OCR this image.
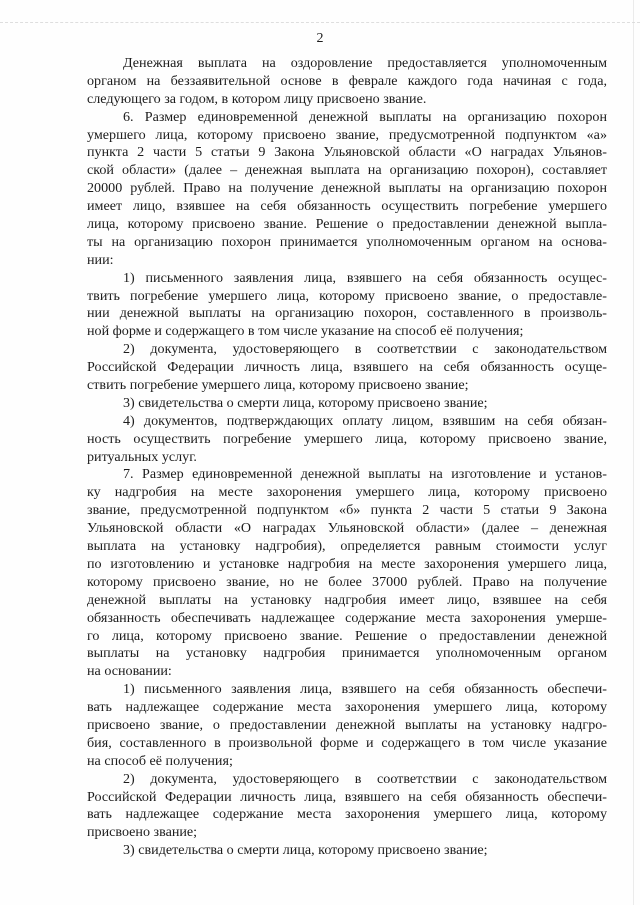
2
Денежная выплата на оздоровление предоставляется уполномоченным
органом на беззаявительной основе в феврале каждого года начиная с года,
следующего за годом, в котором лицу присвоено звание.
6. Размер единовременной денежной выплаты на организацию похорон
умершего лица, которому присвоено звание, предусмотренной подпунктом «а»
пункта 2 части 5 статьи 9 Закона Ульяновской области «О наградах Ульянов-
ской области» (далее – денежная выплата на организацию похорон), составляет
20000 рублей. Право на получение денежной выплаты на организацию похорон
имеет лицо, взявшее на себя обязанность осуществить погребение умершего
лица, которому присвоено звание. Решение о предоставлении денежной выпла-
ты на организацию похорон принимается уполномоченным органом на основа-
нии:
1) письменного заявления лица, взявшего на себя обязанность осущес-
твить погребение умершего лица, которому присвоено звание, о предоставле-
нии денежной выплаты на организацию похорон, составленного в произволь-
ной форме и содержащего в том числе указание на способ её получения;
2) документа, удостоверяющего в соответствии с законодательством
Российской Федерации личность лица, взявшего на себя обязанность осуще-
ствить погребение умершего лица, которому присвоено звание;
3) свидетельства о смерти лица, которому присвоено звание;
4) документов, подтверждающих оплату лицом, взявшим на себя обязан-
ность осуществить погребение умершего лица, которому присвоено звание,
ритуальных услуг.
7. Размер единовременной денежной выплаты на изготовление и установ-
ку надгробия на месте захоронения умершего лица, которому присвоено
звание, предусмотренной подпунктом «б» пункта 2 части 5 статьи 9 Закона
Ульяновской области «О наградах Ульяновской области» (далее – денежная
выплата на установку надгробия), определяется равным стоимости услуг
по изготовлению и установке надгробия на месте захоронения умершего лица,
которому присвоено звание, но не более 37000 рублей. Право на получение
денежной выплаты на установку надгробия имеет лицо, взявшее на себя
обязанность обеспечивать надлежащее содержание места захоронения умерше-
го лица, которому присвоено звание. Решение о предоставлении денежной
выплаты на установку надгробия принимается уполномоченным органом
на основании:
1) письменного заявления лица, взявшего на себя обязанность обеспечи-
вать надлежащее содержание места захоронения умершего лица, которому
присвоено звание, о предоставлении денежной выплаты на установку надгро-
бия, составленного в произвольной форме и содержащего в том числе указание
на способ её получения;
2) документа, удостоверяющего в соответствии с законодательством
Российской Федерации личность лица, взявшего на себя обязанность обеспечи-
вать надлежащее содержание места захоронения умершего лица, которому
присвоено звание;
3) свидетельства о смерти лица, которому присвоено звание;
